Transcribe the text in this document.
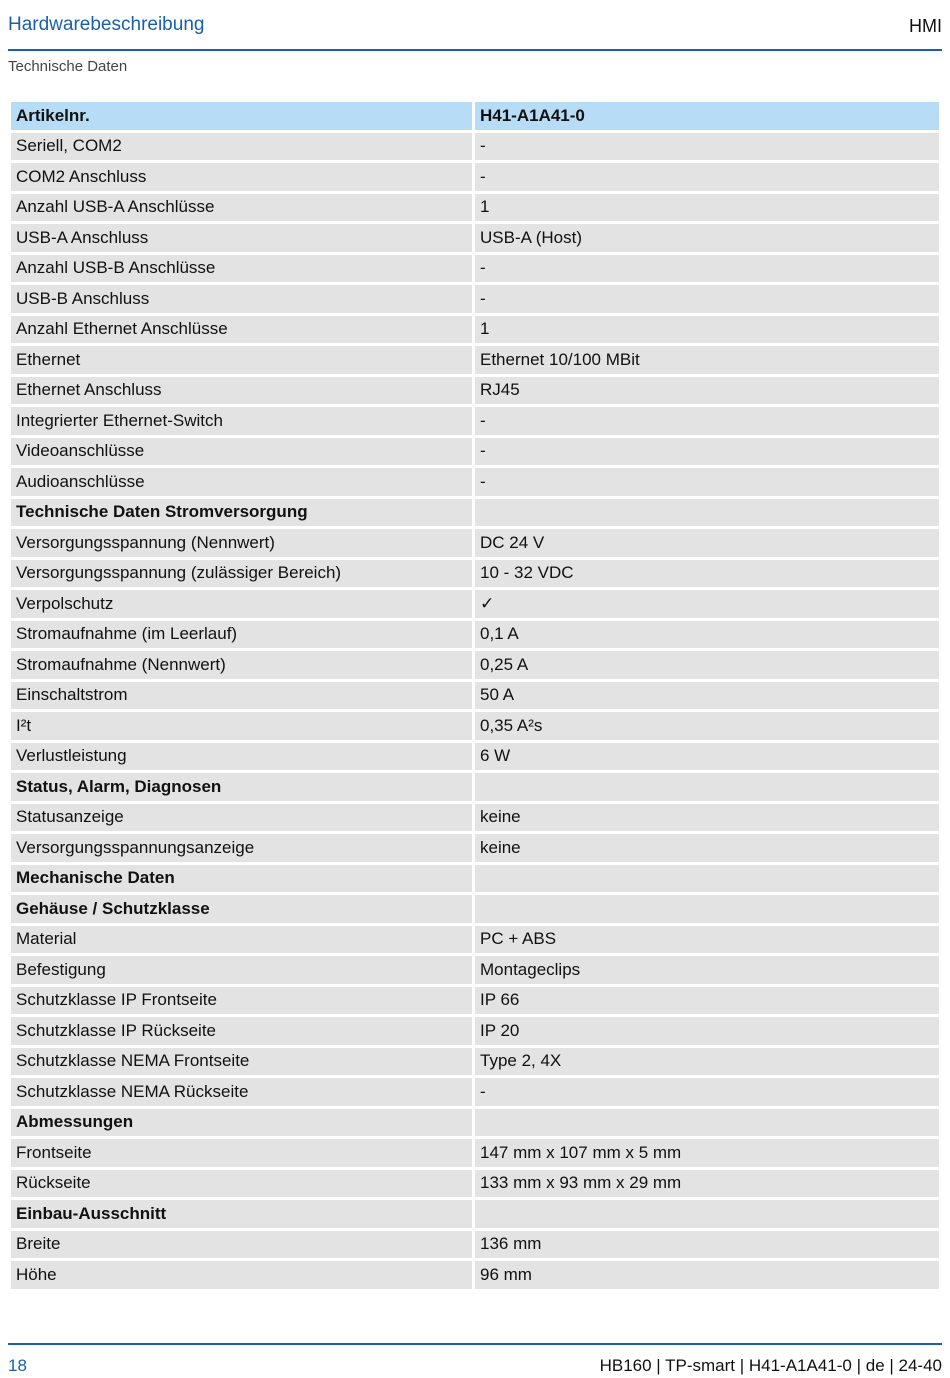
Hardwarebeschreibung	HMI
Technische Daten
Artikelnr.	H41-A1A41-0
Seriell, COM2	-
COM2 Anschluss	-
Anzahl USB-A Anschlüsse	1
USB-A Anschluss	USB-A (Host)
Anzahl USB-B Anschlüsse	-
USB-B Anschluss	-
Anzahl Ethernet Anschlüsse	1
Ethernet	Ethernet 10/100 MBit
Ethernet Anschluss	RJ45
Integrierter Ethernet-Switch	-
Videoanschlüsse	-
Audioanschlüsse	-
Technische Daten Stromversorgung	
Versorgungsspannung (Nennwert)	DC 24 V
Versorgungsspannung (zulässiger Bereich)	10 - 32 VDC
Verpolschutz	✓
Stromaufnahme (im Leerlauf)	0,1 A
Stromaufnahme (Nennwert)	0,25 A
Einschaltstrom	50 A
I²t	0,35 A²s
Verlustleistung	6 W
Status, Alarm, Diagnosen	
Statusanzeige	keine
Versorgungsspannungsanzeige	keine
Mechanische Daten	
Gehäuse / Schutzklasse	
Material	PC + ABS
Befestigung	Montageclips
Schutzklasse IP Frontseite	IP 66
Schutzklasse IP Rückseite	IP 20
Schutzklasse NEMA Frontseite	Type 2, 4X
Schutzklasse NEMA Rückseite	-
Abmessungen	
Frontseite	147 mm x 107 mm x 5 mm
Rückseite	133 mm x 93 mm x 29 mm
Einbau-Ausschnitt	
Breite	136 mm
Höhe	96 mm
18	HB160 | TP-smart | H41-A1A41-0 | de | 24-40
